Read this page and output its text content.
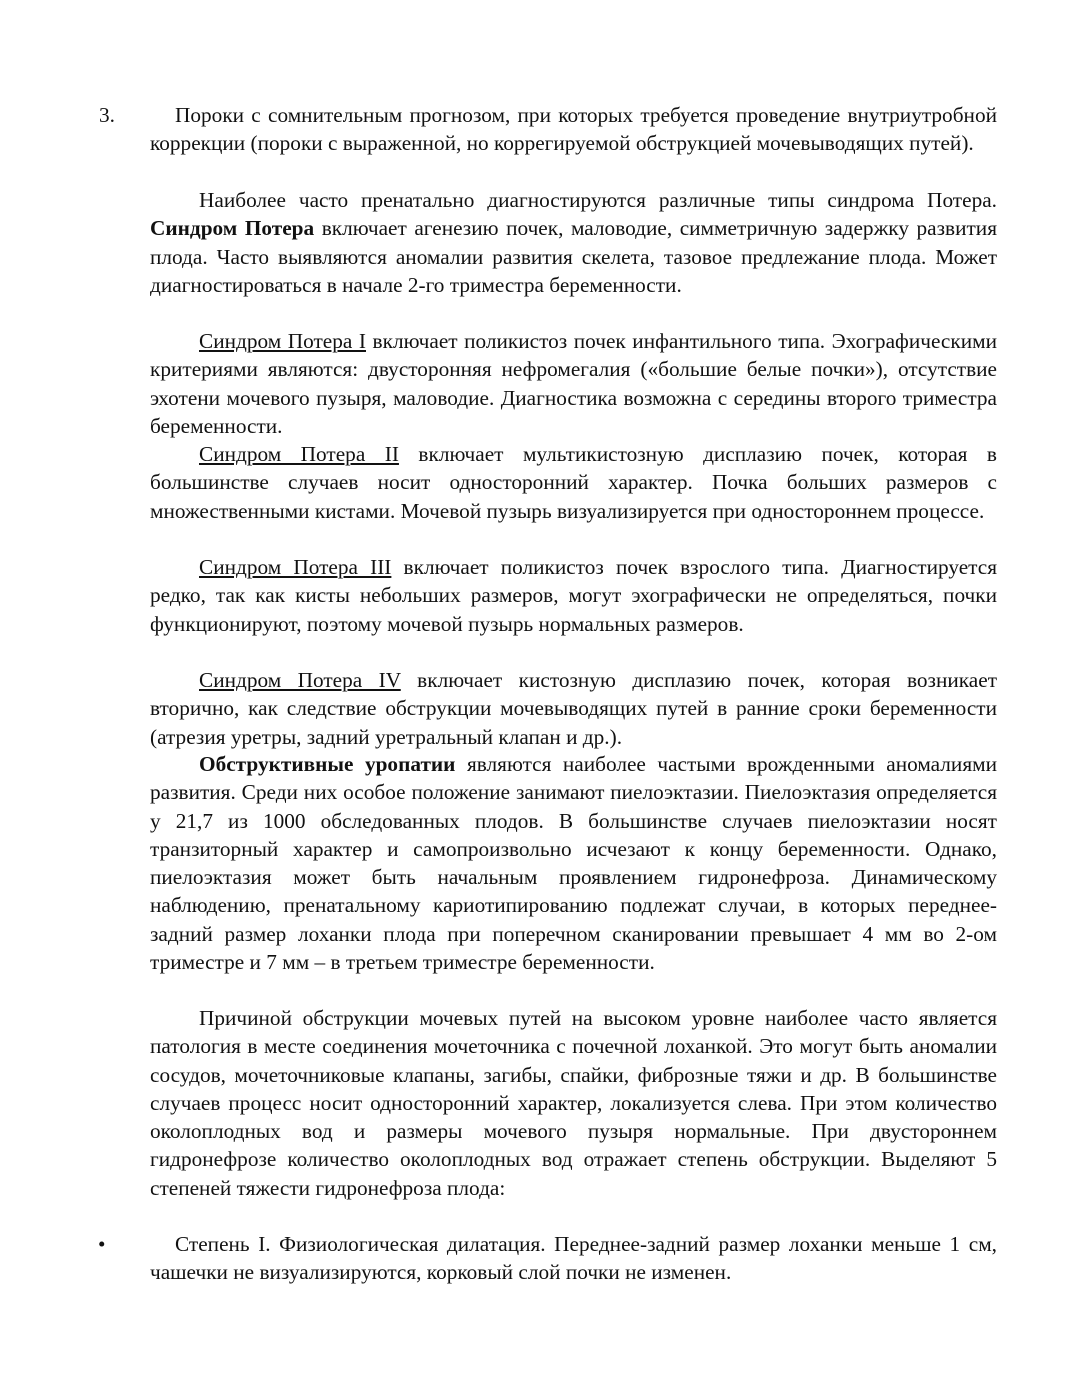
3.	Пороки с сомнительным прогнозом, при которых требуется проведение внутриутробной коррекции (пороки с выраженной, но коррегируемой обструкцией мочевыводящих путей).
Наиболее часто пренатально диагностируются различные типы синдрома Потера. Синдром Потера включает агенезию почек, маловодие, симметричную задержку развития плода. Часто выявляются аномалии развития скелета, тазовое предлежание плода. Может диагностироваться в начале 2-го триместра беременности.
Синдром Потера I включает поликистоз почек инфантильного типа. Эхографическими критериями являются: двусторонняя нефромегалия («большие белые почки»), отсутствие эхотени мочевого пузыря, маловодие. Диагностика возможна с середины второго триместра беременности.
Синдром Потера II включает мультикистозную дисплазию почек, которая в большинстве случаев носит односторонний характер. Почка больших размеров с множественными кистами. Мочевой пузырь визуализируется при одностороннем процессе.
Синдром Потера III включает поликистоз почек взрослого типа. Диагностируется редко, так как кисты небольших размеров, могут эхографически не определяться, почки функционируют, поэтому мочевой пузырь нормальных размеров.
Синдром Потера IV включает кистозную дисплазию почек, которая возникает вторично, как следствие обструкции мочевыводящих путей в ранние сроки беременности (атрезия уретры, задний уретральный клапан и др.).
Обструктивные уропатии являются наиболее частыми врожденными аномалиями развития. Среди них особое положение занимают пиелоэктазии. Пиелоэктазия определяется у 21,7 из 1000 обследованных плодов. В большинстве случаев пиелоэктазии носят транзиторный характер и самопроизвольно исчезают к концу беременности. Однако, пиелоэктазия может быть начальным проявлением гидронефроза. Динамическому наблюдению, пренатальному кариотипированию подлежат случаи, в которых переднее-задний размер лоханки плода при поперечном сканировании превышает 4 мм во 2-ом триместре и 7 мм – в третьем триместре беременности.
Причиной обструкции мочевых путей на высоком уровне наиболее часто является патология в месте соединения мочеточника с почечной лоханкой. Это могут быть аномалии сосудов, мочеточниковые клапаны, загибы, спайки, фиброзные тяжи и др. В большинстве случаев процесс носит односторонний характер, локализуется слева. При этом количество околоплодных вод и размеры мочевого пузыря нормальные. При двустороннем гидронефрозе количество околоплодных вод отражает степень обструкции. Выделяют 5 степеней тяжести гидронефроза плода:
•	Степень I. Физиологическая дилатация. Переднее-задний размер лоханки меньше 1 см, чашечки не визуализируются, корковый слой почки не изменен.
